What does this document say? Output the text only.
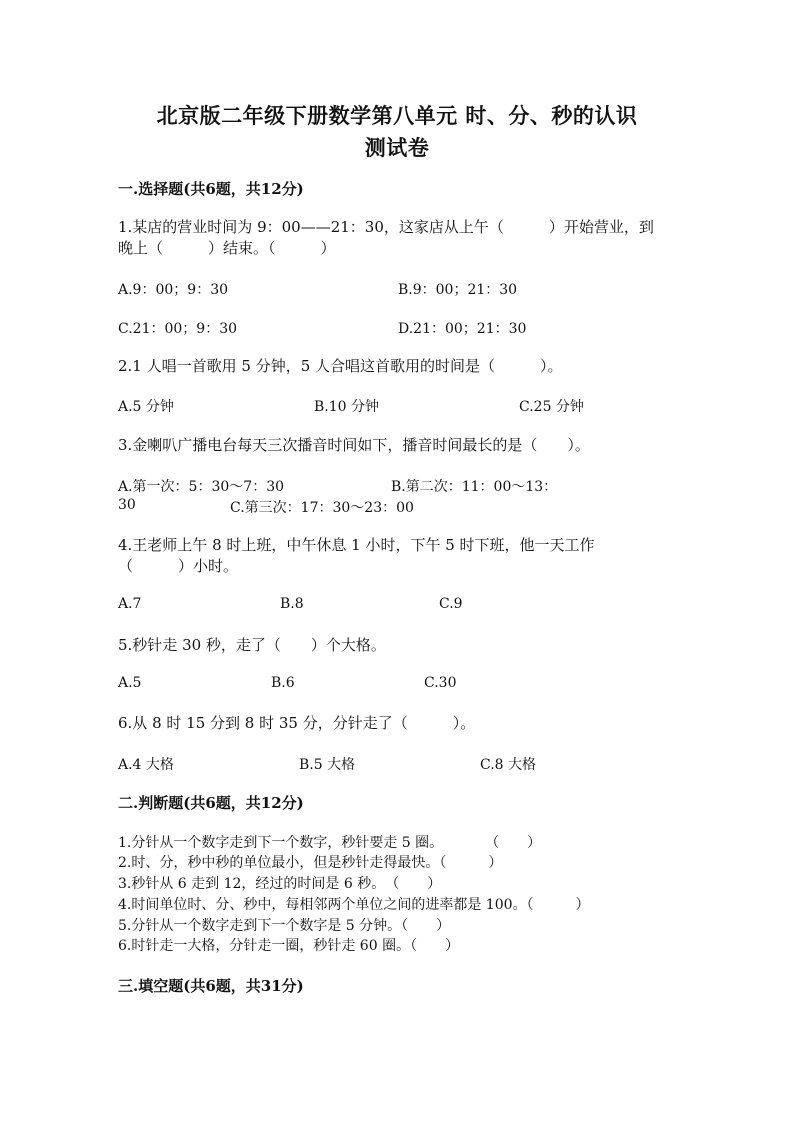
北京版二年级下册数学第八单元 时、分、秒的认识
测试卷
一.选择题(共6题，共12分)
1.某店的营业时间为 9：00——21：30，这家店从上午（　　　）开始营业，到
晚上（　　　）结束。（　　　）
A.9：00；9：30	B.9：00；21：30
C.21：00；9：30	D.21：00；21：30
2.1 人唱一首歌用 5 分钟，5 人合唱这首歌用的时间是（　　　）。
A.5 分钟	B.10 分钟	C.25 分钟
3.金喇叭广播电台每天三次播音时间如下，播音时间最长的是（　　）。
A.第一次：5：30～7：30	B.第二次：11：00～13：
30	C.第三次：17：30～23：00
4.王老师上午 8 时上班，中午休息 1 小时，下午 5 时下班，他一天工作
（　　　）小时。
A.7	B.8	C.9
5.秒针走 30 秒，走了（　　）个大格。
A.5	B.6	C.30
6.从 8 时 15 分到 8 时 35 分，分针走了（　　　）。
A.4 大格	B.5 大格	C.8 大格
二.判断题(共6题，共12分)
1.分针从一个数字走到下一个数字，秒针要走 5 圈。　　　　（　　）
2.时、分，秒中秒的单位最小，但是秒针走得最快。（　　　）
3.秒针从 6 走到 12，经过的时间是 6 秒。　（　　）
4.时间单位时、分、秒中，每相邻两个单位之间的进率都是 100。（　　　）
5.分针从一个数字走到下一个数字是 5 分钟。（　　）
6.时针走一大格，分针走一圈，秒针走 60 圈。（　　）
三.填空题(共6题，共31分)
